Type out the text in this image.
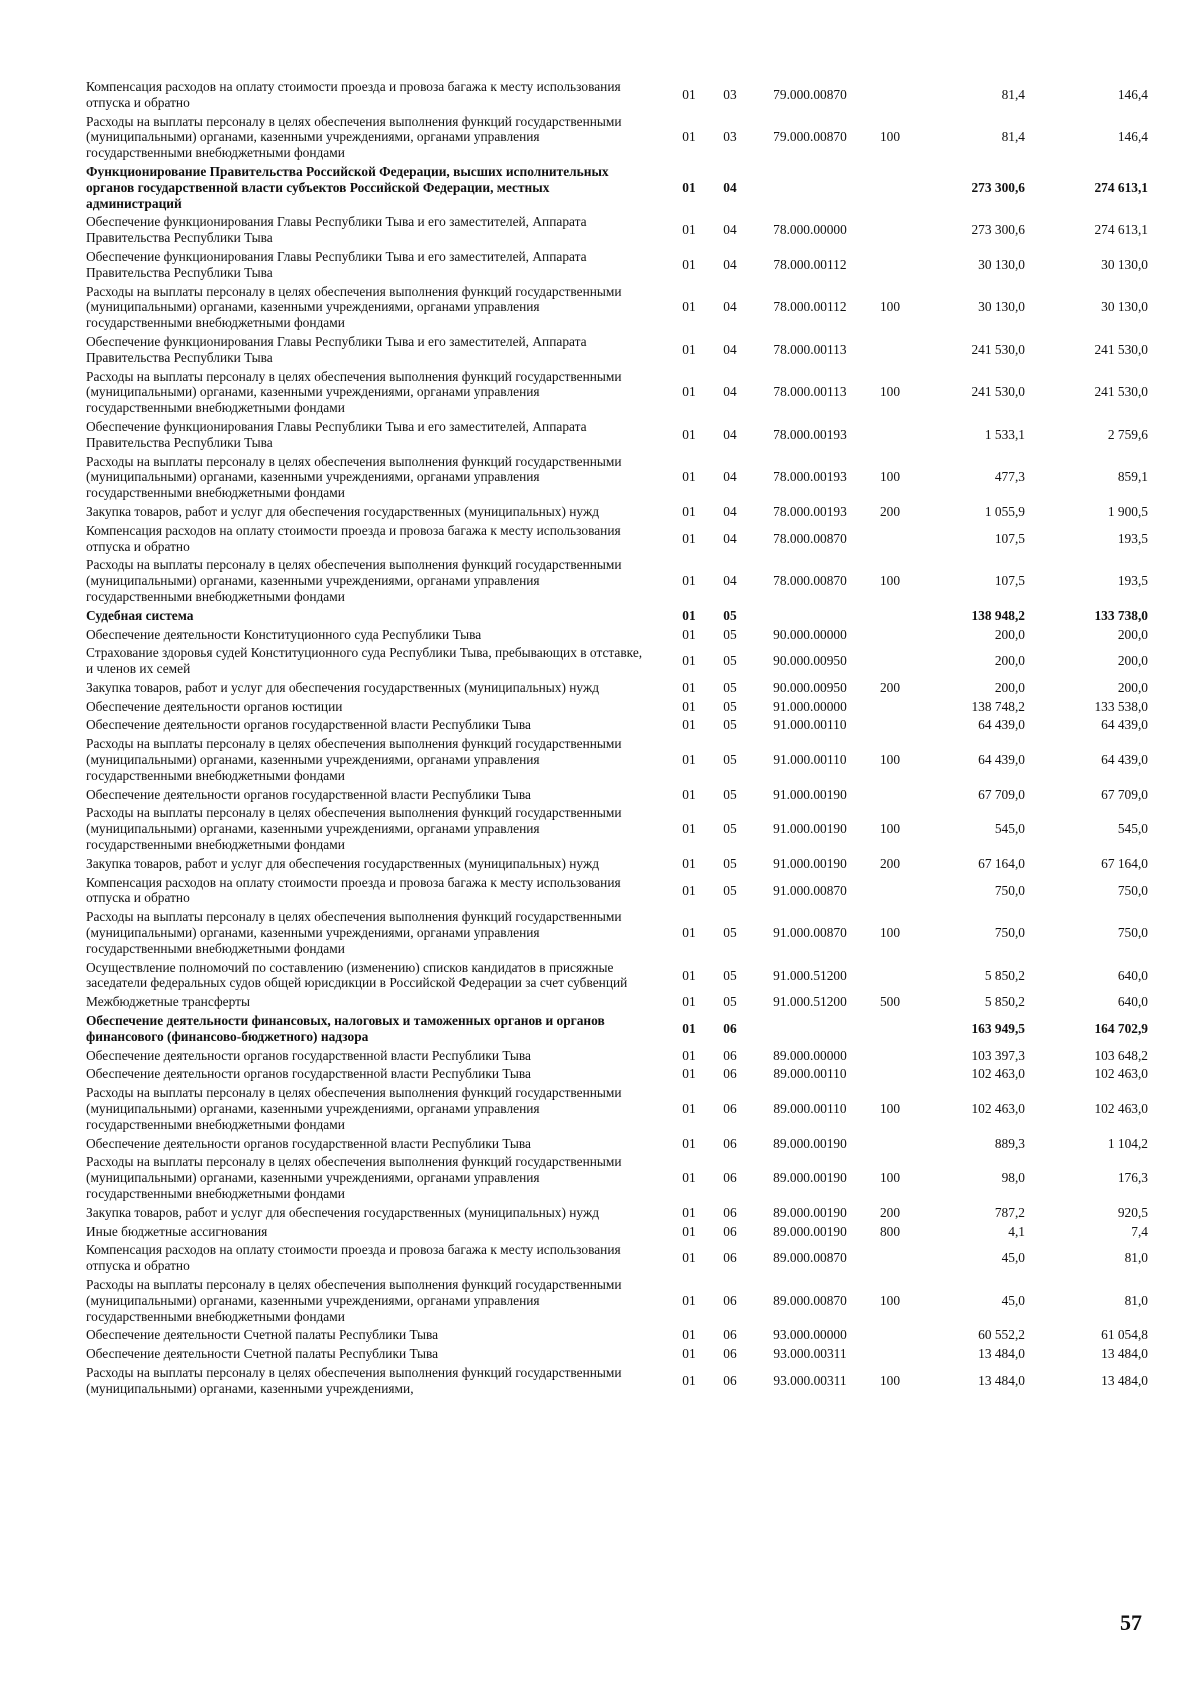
Компенсация расходов на оплату стоимости проезда и провоза багажа к месту использования отпуска и обратно	01	03	79.000.00870		81,4	146,4
Расходы на выплаты персоналу в целях обеспечения выполнения функций государственными (муниципальными) органами, казенными учреждениями, органами управления государственными внебюджетными фондами	01	03	79.000.00870	100	81,4	146,4
Функционирование Правительства Российской Федерации, высших исполнительных органов государственной власти субъектов Российской Федерации, местных администраций	01	04			273 300,6	274 613,1
Обеспечение функционирования Главы Республики Тыва и его заместителей, Аппарата Правительства Республики Тыва	01	04	78.000.00000		273 300,6	274 613,1
Обеспечение функционирования Главы Республики Тыва и его заместителей, Аппарата Правительства Республики Тыва	01	04	78.000.00112		30 130,0	30 130,0
Расходы на выплаты персоналу в целях обеспечения выполнения функций государственными (муниципальными) органами, казенными учреждениями, органами управления государственными внебюджетными фондами	01	04	78.000.00112	100	30 130,0	30 130,0
Обеспечение функционирования Главы Республики Тыва и его заместителей, Аппарата Правительства Республики Тыва	01	04	78.000.00113		241 530,0	241 530,0
Расходы на выплаты персоналу в целях обеспечения выполнения функций государственными (муниципальными) органами, казенными учреждениями, органами управления государственными внебюджетными фондами	01	04	78.000.00113	100	241 530,0	241 530,0
Обеспечение функционирования Главы Республики Тыва и его заместителей, Аппарата Правительства Республики Тыва	01	04	78.000.00193		1 533,1	2 759,6
Расходы на выплаты персоналу в целях обеспечения выполнения функций государственными (муниципальными) органами, казенными учреждениями, органами управления государственными внебюджетными фондами	01	04	78.000.00193	100	477,3	859,1
Закупка товаров, работ и услуг для обеспечения государственных (муниципальных) нужд	01	04	78.000.00193	200	1 055,9	1 900,5
Компенсация расходов на оплату стоимости проезда и провоза багажа к месту использования отпуска и обратно	01	04	78.000.00870		107,5	193,5
Расходы на выплаты персоналу в целях обеспечения выполнения функций государственными (муниципальными) органами, казенными учреждениями, органами управления государственными внебюджетными фондами	01	04	78.000.00870	100	107,5	193,5
Судебная система	01	05			138 948,2	133 738,0
Обеспечение деятельности Конституционного суда Республики Тыва	01	05	90.000.00000		200,0	200,0
Страхование здоровья судей Конституционного суда Республики Тыва, пребывающих в отставке, и членов их семей	01	05	90.000.00950		200,0	200,0
Закупка товаров, работ и услуг для обеспечения государственных (муниципальных) нужд	01	05	90.000.00950	200	200,0	200,0
Обеспечение деятельности органов юстиции	01	05	91.000.00000		138 748,2	133 538,0
Обеспечение деятельности органов государственной власти Республики Тыва	01	05	91.000.00110		64 439,0	64 439,0
Расходы на выплаты персоналу в целях обеспечения выполнения функций государственными (муниципальными) органами, казенными учреждениями, органами управления государственными внебюджетными фондами	01	05	91.000.00110	100	64 439,0	64 439,0
Обеспечение деятельности органов государственной власти Республики Тыва	01	05	91.000.00190		67 709,0	67 709,0
Расходы на выплаты персоналу в целях обеспечения выполнения функций государственными (муниципальными) органами, казенными учреждениями, органами управления государственными внебюджетными фондами	01	05	91.000.00190	100	545,0	545,0
Закупка товаров, работ и услуг для обеспечения государственных (муниципальных) нужд	01	05	91.000.00190	200	67 164,0	67 164,0
Компенсация расходов на оплату стоимости проезда и провоза багажа к месту использования отпуска и обратно	01	05	91.000.00870		750,0	750,0
Расходы на выплаты персоналу в целях обеспечения выполнения функций государственными (муниципальными) органами, казенными учреждениями, органами управления государственными внебюджетными фондами	01	05	91.000.00870	100	750,0	750,0
Осуществление полномочий по составлению (изменению) списков кандидатов в присяжные заседатели федеральных судов общей юрисдикции в Российской Федерации за счет субвенций	01	05	91.000.51200		5 850,2	640,0
Межбюджетные трансферты	01	05	91.000.51200	500	5 850,2	640,0
Обеспечение деятельности финансовых, налоговых и таможенных органов и органов финансового (финансово-бюджетного) надзора	01	06			163 949,5	164 702,9
Обеспечение деятельности органов государственной власти Республики Тыва	01	06	89.000.00000		103 397,3	103 648,2
Обеспечение деятельности органов государственной власти Республики Тыва	01	06	89.000.00110		102 463,0	102 463,0
Расходы на выплаты персоналу в целях обеспечения выполнения функций государственными (муниципальными) органами, казенными учреждениями, органами управления государственными внебюджетными фондами	01	06	89.000.00110	100	102 463,0	102 463,0
Обеспечение деятельности органов государственной власти Республики Тыва	01	06	89.000.00190		889,3	1 104,2
Расходы на выплаты персоналу в целях обеспечения выполнения функций государственными (муниципальными) органами, казенными учреждениями, органами управления государственными внебюджетными фондами	01	06	89.000.00190	100	98,0	176,3
Закупка товаров, работ и услуг для обеспечения государственных (муниципальных) нужд	01	06	89.000.00190	200	787,2	920,5
Иные бюджетные ассигнования	01	06	89.000.00190	800	4,1	7,4
Компенсация расходов на оплату стоимости проезда и провоза багажа к месту использования отпуска и обратно	01	06	89.000.00870		45,0	81,0
Расходы на выплаты персоналу в целях обеспечения выполнения функций государственными (муниципальными) органами, казенными учреждениями, органами управления государственными внебюджетными фондами	01	06	89.000.00870	100	45,0	81,0
Обеспечение деятельности Счетной палаты Республики Тыва	01	06	93.000.00000		60 552,2	61 054,8
Обеспечение деятельности Счетной палаты Республики Тыва	01	06	93.000.00311		13 484,0	13 484,0
Расходы на выплаты персоналу в целях обеспечения выполнения функций государственными (муниципальными) органами, казенными учреждениями,	01	06	93.000.00311	100	13 484,0	13 484,0
57
